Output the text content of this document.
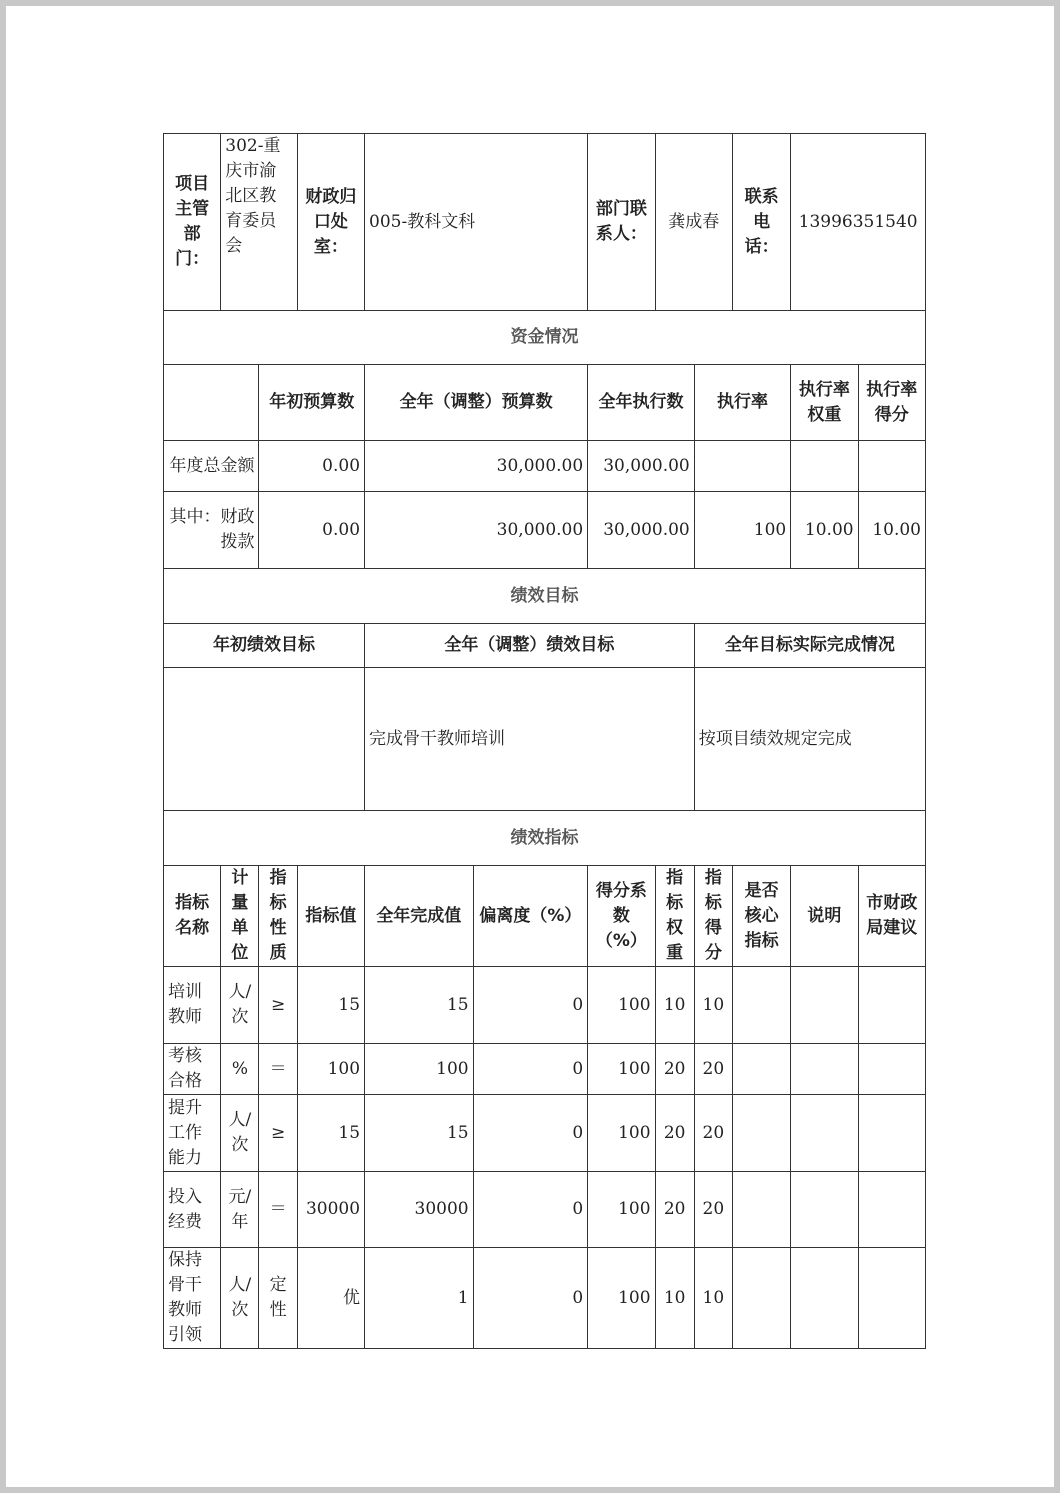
项目主管部门：	302-重庆市渝北区教育委员会		财政归口处室：	005-教科文科		部门联系人：	龚成春		联系电话：	13996351540	
资金情况											
		年初预算数		全年（调整）预算数		全年执行数		执行率		执行率权重	执行率得分
年度总金额		0.00		30,000.00		30,000.00					
其中：财政拨款		0.00		30,000.00		30,000.00		100		10.00	10.00
绩效目标											
年初绩效目标				全年（调整）绩效目标				全年目标实际完成情况			
				完成骨干教师培训				按项目绩效规定完成			
绩效指标											
指标名称	计量单位	指标性质	指标值	全年完成值	偏离度（%）	得分系数（%）	指标权重	指标得分	是否核心指标	说明	市财政局建议
培训教师	人/次	≥	15	15	0	100	10	10			
考核合格	%	＝	100	100	0	100	20	20			
提升工作能力	人/次	≥	15	15	0	100	20	20			
投入经费	元/年	＝	30000	30000	0	100	20	20			
保持骨干教师引领	人/次	定性	优	1	0	100	10	10			
